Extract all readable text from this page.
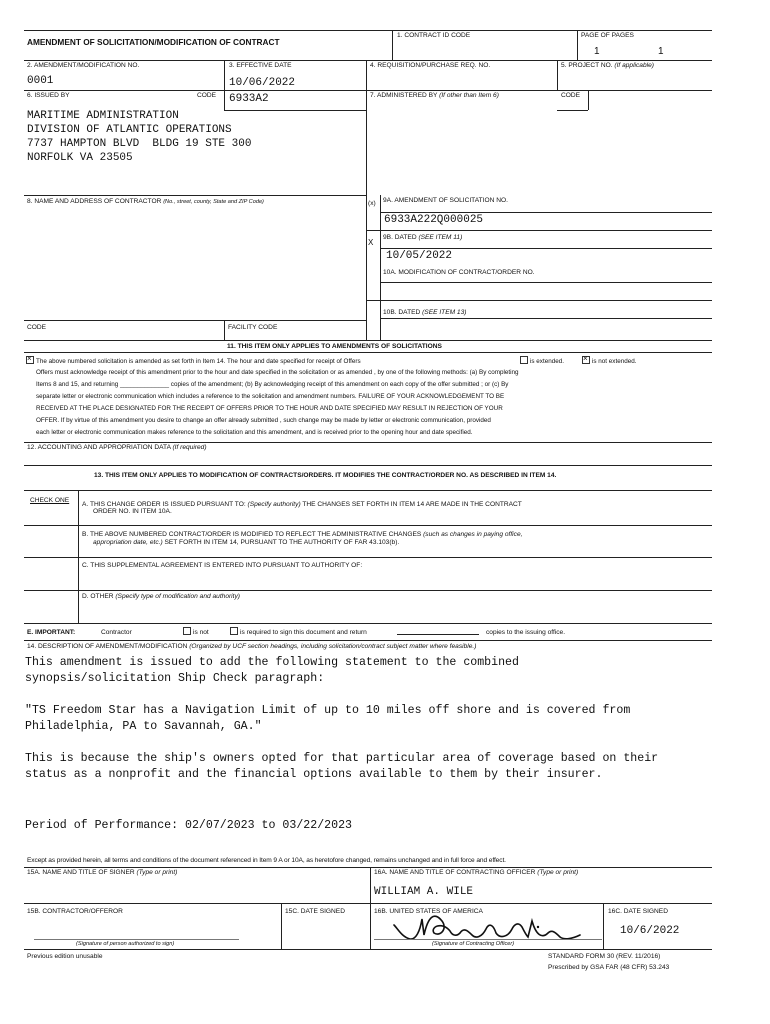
AMENDMENT OF SOLICITATION/MODIFICATION OF CONTRACT
1. CONTRACT ID CODE	PAGE OF PAGES
1	1
2. AMENDMENT/MODIFICATION NO.
0001
3. EFFECTIVE DATE
10/06/2022
4. REQUISITION/PURCHASE REQ. NO.	5. PROJECT NO. (If applicable)
6. ISSUED BY	CODE 6933A2	7. ADMINISTERED BY (If other than Item 6)	CODE
MARITIME ADMINISTRATION
DIVISION OF ATLANTIC OPERATIONS
7737 HAMPTON BLVD  BLDG 19 STE 300
NORFOLK VA 23505
8. NAME AND ADDRESS OF CONTRACTOR (No., street, county, State and ZIP Code)
CODE	FACILITY CODE
(x) 9A. AMENDMENT OF SOLICITATION NO.
6933A222Q000025
X
9B. DATED (SEE ITEM 11)
10/05/2022
10A. MODIFICATION OF CONTRACT/ORDER NO.
10B. DATED (SEE ITEM 13)
11. THIS ITEM ONLY APPLIES TO AMENDMENTS OF SOLICITATIONS
×The above numbered solicitation is amended as set forth in Item 14. The hour and date specified for receipt of Offers	is extended.
×	is not extended.
Offers must acknowledge receipt of this amendment prior to the hour and date specified in the solicitation or as amended , by one of the following methods: (a) By completing
Items 8 and 15, and returning ______________ copies of the amendment; (b) By acknowledging receipt of this amendment on each copy of the offer submitted ; or (c) By
separate letter or electronic communication which includes a reference to the solicitation and amendment numbers. FAILURE OF YOUR ACKNOWLEDGEMENT TO BE
RECEIVED AT THE PLACE DESIGNATED FOR THE RECEIPT OF OFFERS PRIOR TO THE HOUR AND DATE SPECIFIED MAY RESULT IN REJECTION OF YOUR
OFFER. If by virtue of this amendment you desire to change an offer already submitted , such change may be made by letter or electronic communication, provided
each letter or electronic communication makes reference to the solicitation and this amendment, and is received prior to the opening hour and date specified.
12. ACCOUNTING AND APPROPRIATION DATA (If required)
13. THIS ITEM ONLY APPLIES TO MODIFICATION OF CONTRACTS/ORDERS. IT MODIFIES THE CONTRACT/ORDER NO. AS DESCRIBED IN ITEM 14.
CHECK ONE
A. THIS CHANGE ORDER IS ISSUED PURSUANT TO: (Specify authority) THE CHANGES SET FORTH IN ITEM 14 ARE MADE IN THE CONTRACT
ORDER NO. IN ITEM 10A.
B. THE ABOVE NUMBERED CONTRACT/ORDER IS MODIFIED TO REFLECT THE ADMINISTRATIVE CHANGES (such as changes in paying office,
appropriation date, etc.) SET FORTH IN ITEM 14, PURSUANT TO THE AUTHORITY OF FAR 43.103(b).
C. THIS SUPPLEMENTAL AGREEMENT IS ENTERED INTO PURSUANT TO AUTHORITY OF:
D. OTHER (Specify type of modification and authority)
E. IMPORTANT:	Contractor	is not	is required to sign this document and return	copies to the issuing office.
14. DESCRIPTION OF AMENDMENT/MODIFICATION (Organized by UCF section headings, including solicitation/contract subject matter where feasible.)
This amendment is issued to add the following statement to the combined
synopsis/solicitation Ship Check paragraph:
"TS Freedom Star has a Navigation Limit of up to 10 miles off shore and is covered from
Philadelphia, PA to Savannah, GA."
This is because the ship's owners opted for that particular area of coverage based on their
status as a nonprofit and the financial options available to them by their insurer.
Period of Performance: 02/07/2023 to 03/22/2023
Except as provided herein, all terms and conditions of the document referenced in Item 9 A or 10A, as heretofore changed, remains unchanged and in full force and effect.
15A. NAME AND TITLE OF SIGNER (Type or print)	16A. NAME AND TITLE OF CONTRACTING OFFICER (Type or print)
WILLIAM A. WILE
15B. CONTRACTOR/OFFEROR
(Signature of person authorized to sign)
15C. DATE SIGNED	16B. UNITED STATES OF AMERICA
(Signature of Contracting Officer)
16C. DATE SIGNED
10/6/2022
Previous edition unusable	STANDARD FORM 30 (REV. 11/2016)
Prescribed by GSA FAR (48 CFR) 53.243
